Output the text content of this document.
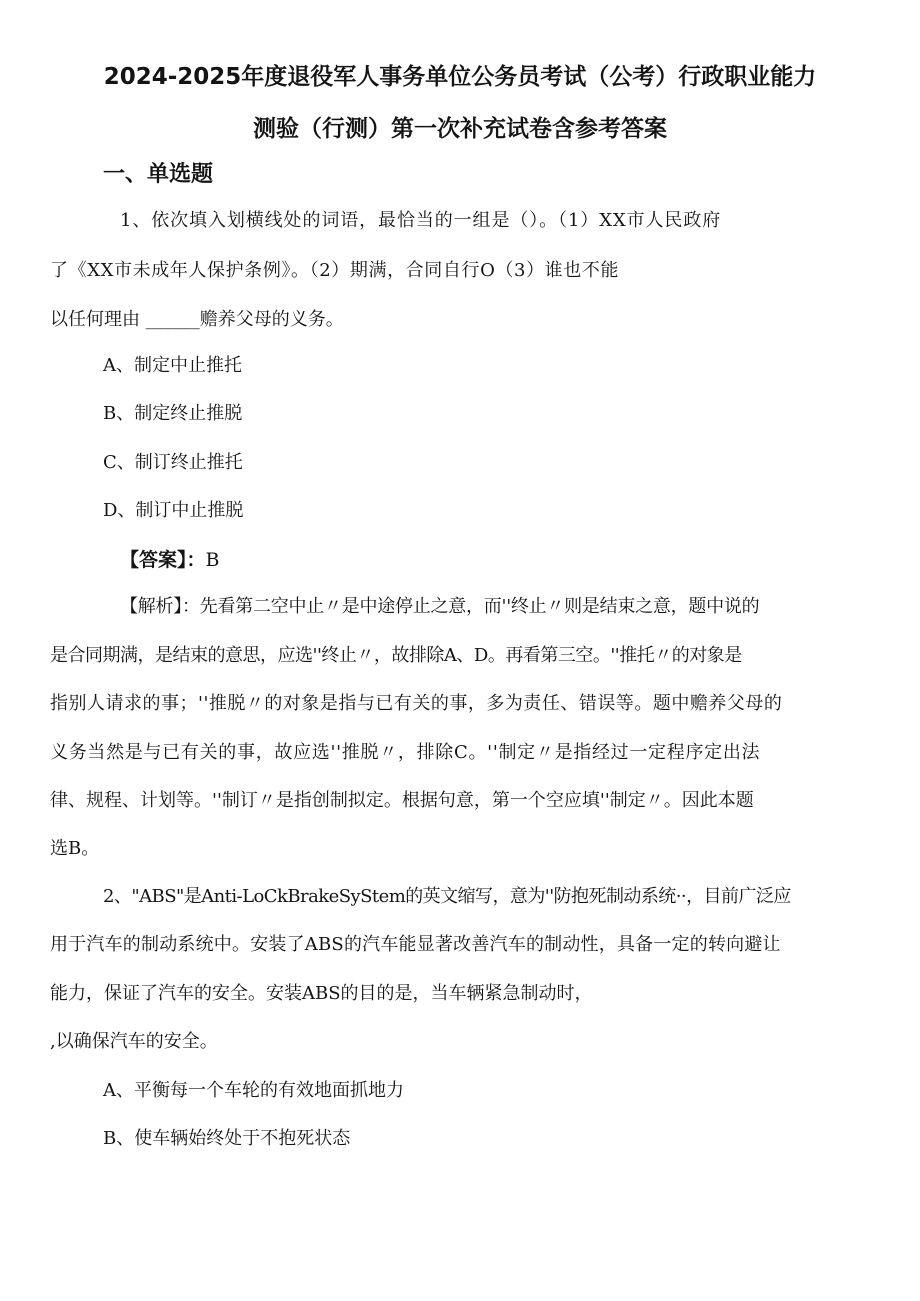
2024-2025年度退役军人事务单位公务员考试（公考）行政职业能力
测验（行测）第一次补充试卷含参考答案
一、单选题

1、依次填入划横线处的词语，最恰当的一组是（）。（1）XX市人民政府

了《XX市未成年人保护条例》。（2）期满，合同自行O（3）谁也不能

以任何理由 ______赡养父母的义务。

A、制定中止推托

B、制定终止推脱

C、制订终止推托

D、制订中止推脱

【答案】：B

【解析】：先看第二空中止〃是中途停止之意，而''终止〃则是结束之意，题中说的

是合同期满，是结束的意思，应选''终止〃，故排除A、D。再看第三空。''推托〃的对象是

指别人请求的事；''推脱〃的对象是指与已有关的事，多为责任、错误等。题中赡养父母的

义务当然是与已有关的事，故应选''推脱〃，排除C。''制定〃是指经过一定程序定出法

律、规程、计划等。''制订〃是指创制拟定。根据句意，第一个空应填''制定〃。因此本题

选B。

2、"ABS"是Anti-LoCkBrakeSyStem的英文缩写，意为''防抱死制动系统··，目前广泛应

用于汽车的制动系统中。安装了ABS的汽车能显著改善汽车的制动性，具备一定的转向避让

能力，保证了汽车的安全。安装ABS的目的是，当车辆紧急制动时，

,以确保汽车的安全。

A、平衡每一个车轮的有效地面抓地力

B、使车辆始终处于不抱死状态
